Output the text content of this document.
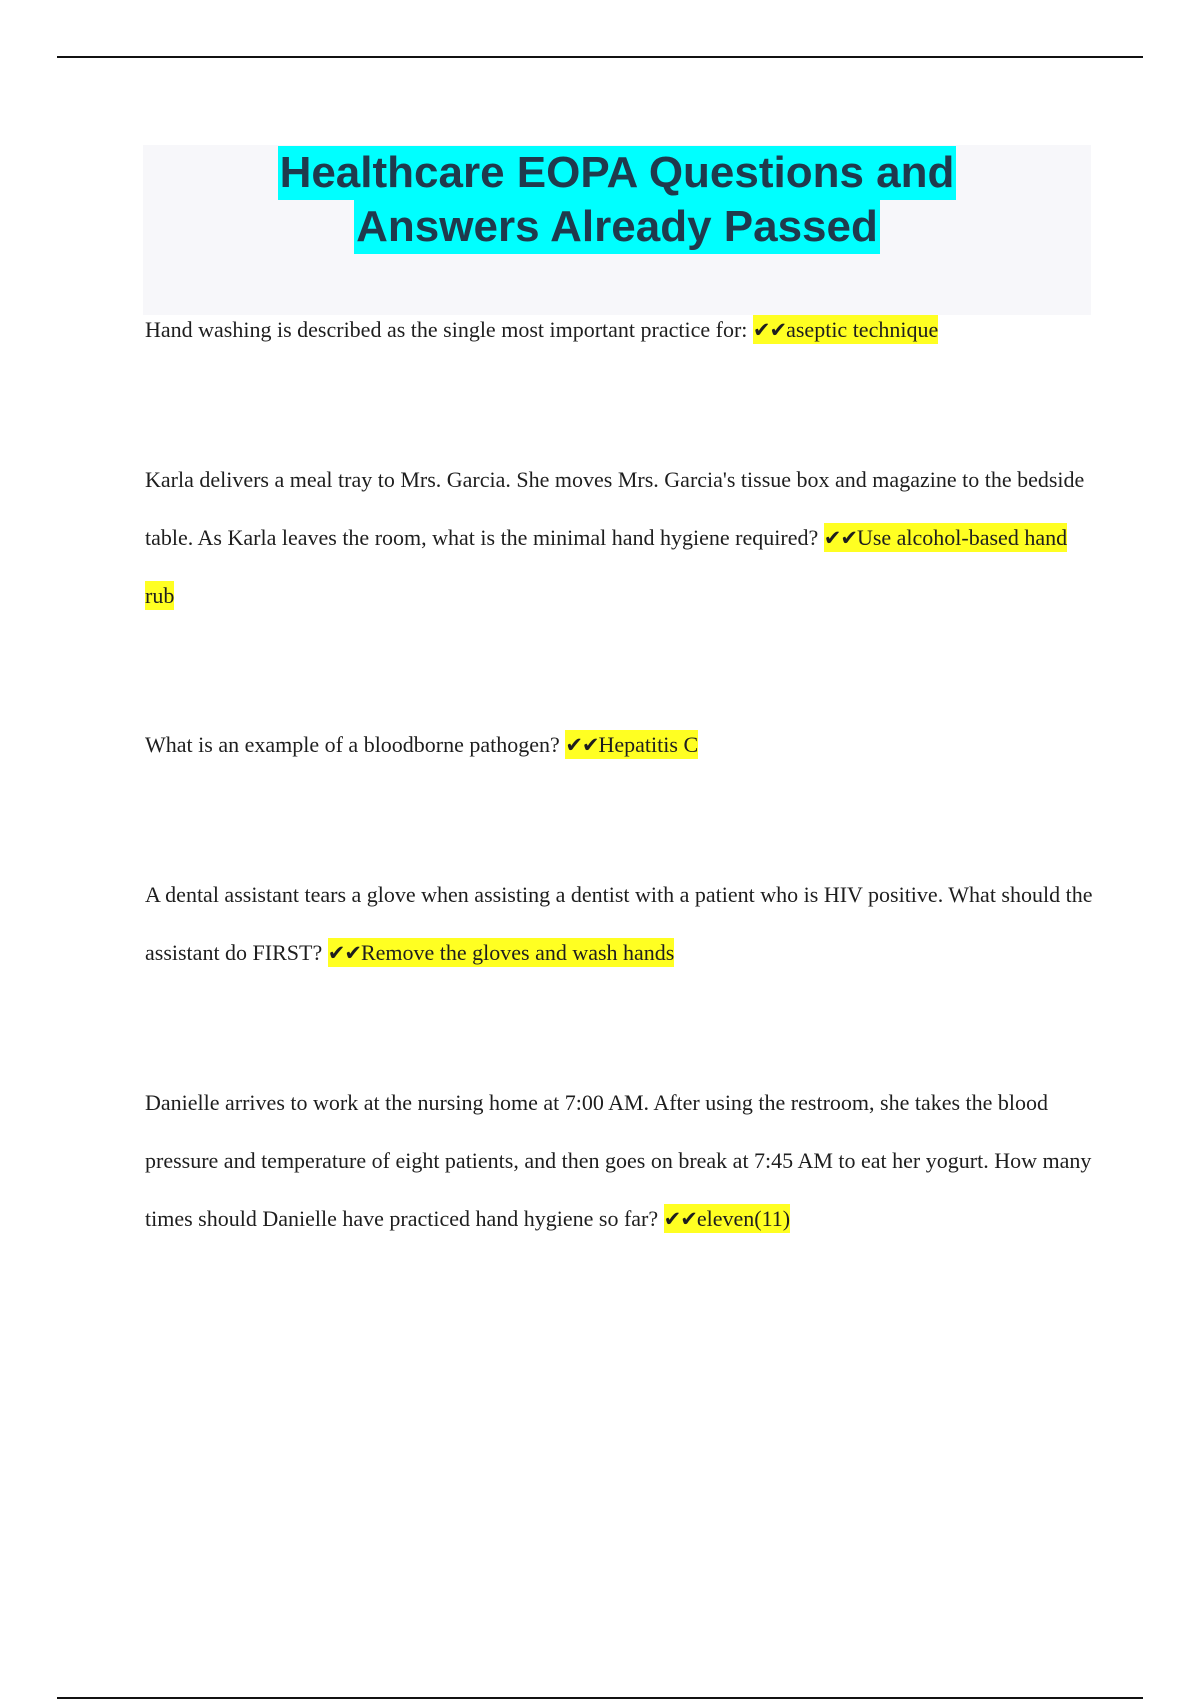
Healthcare EOPA Questions and
Answers Already Passed

Hand washing is described as the single most important practice for: ✔✔aseptic technique

Karla delivers a meal tray to Mrs. Garcia. She moves Mrs. Garcia's tissue box and magazine to the bedside table. As Karla leaves the room, what is the minimal hand hygiene required? ✔✔Use alcohol-based hand rub

What is an example of a bloodborne pathogen? ✔✔Hepatitis C

A dental assistant tears a glove when assisting a dentist with a patient who is HIV positive. What should the assistant do FIRST? ✔✔Remove the gloves and wash hands

Danielle arrives to work at the nursing home at 7:00 AM. After using the restroom, she takes the blood pressure and temperature of eight patients, and then goes on break at 7:45 AM to eat her yogurt. How many times should Danielle have practiced hand hygiene so far? ✔✔eleven(11)
